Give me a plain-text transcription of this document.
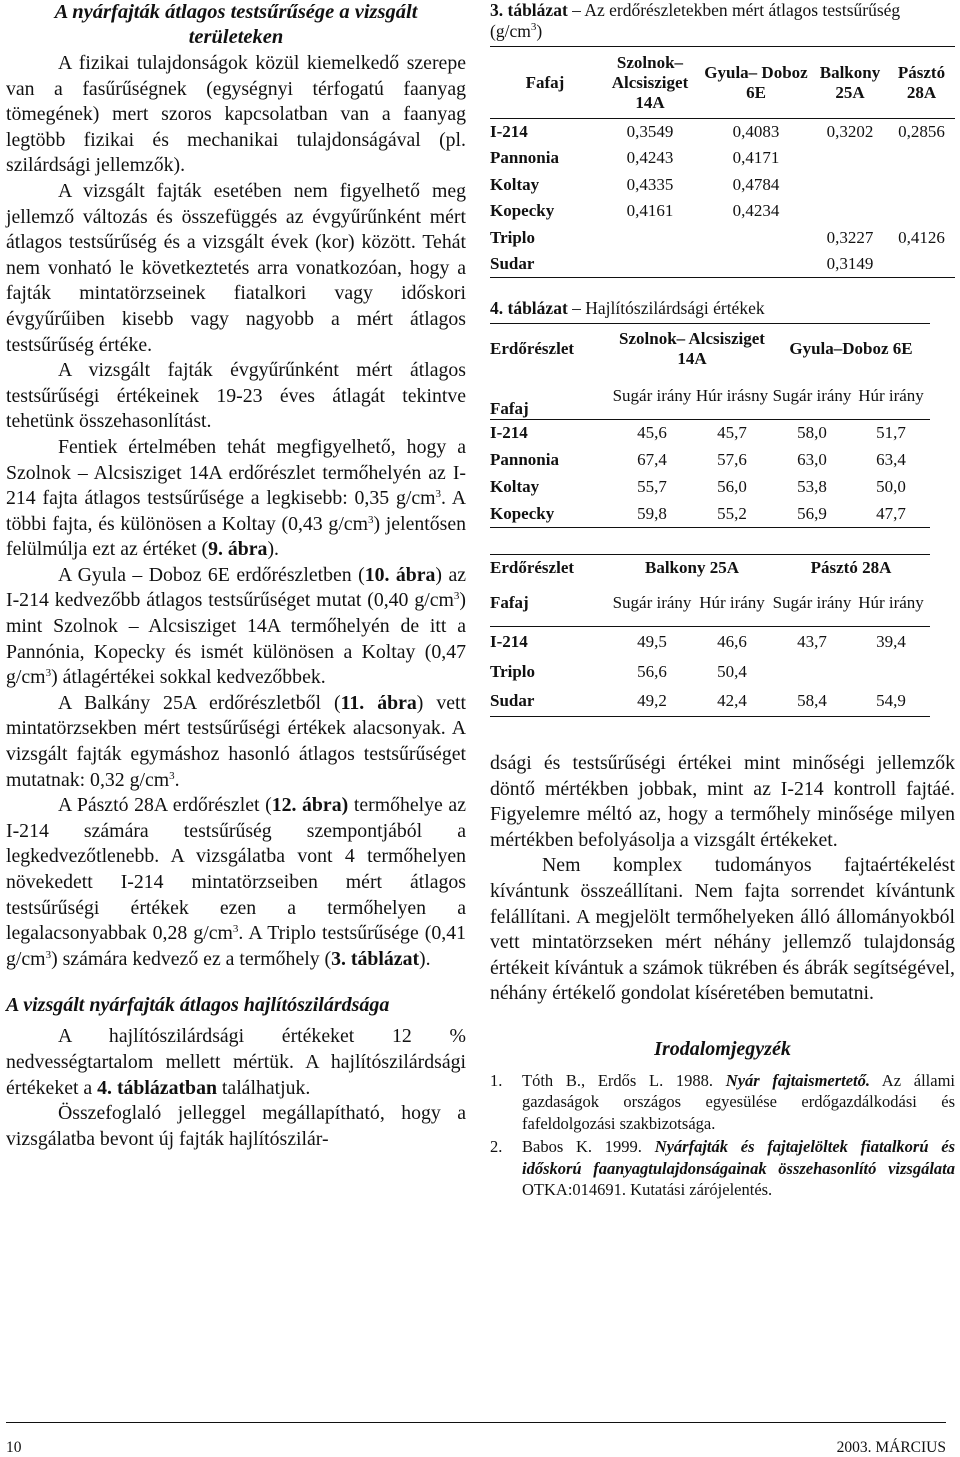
A nyárfajták átlagos testsűrűsége a vizsgált területeken

A fizikai tulajdonságok közül kiemelkedő szerepe van a fasűrűségnek (egységnyi térfogatú faanyag tömegének) mert szoros kapcsolatban van a faanyag legtöbb fizikai és mechanikai tulajdonságával (pl. szilárdsági jellemzők).

A vizsgált fajták esetében nem figyelhető meg jellemző változás és összefüggés az évgyűrűnként mért átlagos testsűrűség és a vizsgált évek (kor) között. Tehát nem vonható le következtetés arra vonatkozóan, hogy a fajták mintatörzseinek fiatalkori vagy időskori évgyűrűiben kisebb vagy nagyobb a mért átlagos testsűrűség értéke.

A vizsgált fajták évgyűrűnként mért átlagos testsűrűségi értékeinek 19-23 éves átlagát tekintve tehetünk összehasonlítást.

Fentiek értelmében tehát megfigyelhető, hogy a Szolnok – Alcsisziget 14A erdőrészlet termőhelyén az I-214 fajta átlagos testsűrűsége a legkisebb: 0,35 $g/cm^3$. A többi fajta, és különösen a Koltay (0,43 $g/cm^3$) jelentősen felülmúlja ezt az értéket (9. ábra).

A Gyula – Doboz 6E erdőrészletben (10. ábra) az I-214 kedvezőbb átlagos testsűrűséget mutat (0,40 $g/cm^3$) mint Szolnok – Alcsisziget 14A termőhelyén de itt a Pannónia, Kopecky és ismét különösen a Koltay (0,47 $g/cm^3$) átlagértékei sokkal kedvezőbbek.

A Balkány 25A erdőrészletből (11. ábra) vett mintatörzsekben mért testsűrűségi értékek alacsonyak. A vizsgált fajták egymáshoz hasonló átlagos testsűrűséget mutatnak: 0,32 $g/cm^3$.

A Pásztó 28A erdőrészlet (12. ábra) termőhelye az I-214 számára testsűrűség szempontjából a legkedvezőtlenebb. A vizsgálatba vont 4 termőhelyen növekedett I-214 mintatörzseiben mért átlagos testsűrűségi értékek ezen a termőhelyen a legalacsonyabbak 0,28 $g/cm^3$. A Triplo testsűrűsége (0,41 $g/cm^3$) számára kedvező ez a termőhely (3. táblázat).

A vizsgált nyárfajták átlagos hajlítószilárdsága

A hajlítószilárdsági értékeket 12 % nedvességtartalom mellett mértük. A hajlítószilárdsági értékeket a 4. táblázatban találhatjuk.

Összefoglaló jelleggel megállapítható, hogy a vizsgálatba bevont új fajták hajlítószilár-

3. táblázat – Az erdőrészletekben mért átlagos testsűrűség $(g/cm^3)$

Fafaj	Szolnok– Alcsisziget 14A	Gyula– Doboz 6E	Balkony 25A	Pásztó 28A
I-214	0,3549	0,4083	0,3202	0,2856
Pannonia	0,4243	0,4171		
Koltay	0,4335	0,4784		
Kopecky	0,4161	0,4234		
Triplo			0,3227	0,4126
Sudar			0,3149	

4. táblázat – Hajlítószilárdsági értékek

Erdőrészlet	Szolnok– Alcsisziget 14A		Gyula–Doboz 6E	
Fafaj	Sugár irány	Húr irásny	Sugár irány	Húr irány
I-214	45,6	45,7	58,0	51,7
Pannonia	67,4	57,6	63,0	63,4
Koltay	55,7	56,0	53,8	50,0
Kopecky	59,8	55,2	56,9	47,7
Erdőrészlet	Balkony 25A		Pásztó 28A	
Fafaj	Sugár irány	Húr irány	Sugár irány	Húr irány
I-214	49,5	46,6	43,7	39,4
Triplo	56,6	50,4		
Sudar	49,2	42,4	58,4	54,9

dsági és testsűrűségi értékei mint minőségi jellemzők döntő mértékben jobbak, mint az I-214 kontroll fajtáé. Figyelemre méltó az, hogy a termőhely minősége milyen mértékben befolyásolja a vizsgált értékeket.

Nem komplex tudományos fajtaértékelést kívántunk összeállítani. Nem fajta sorrendet kívántunk felállítani. A megjelölt termőhelyeken álló állományokból vett mintatörzseken mért néhány jellemző tulajdonság értékeit kívántuk a számok tükrében és ábrák segítségével, néhány értékelő gondolat kíséretében bemutatni.

Irodalomjegyzék

1.	Tóth B., Erdős L. 1988. Nyár fajtaismertető. Az állami gazdaságok országos egyesülése erdőgazdálkodási és fafeldolgozási szakbizotsága.
2.	Babos K. 1999. Nyárfajták és fajtajelöltek fiatalkorú és időskorú faanyagtulajdonságainak összehasonlító vizsgálata OTKA:014691. Kutatási zárójelentés.
10	2003. MÁRCIUS
